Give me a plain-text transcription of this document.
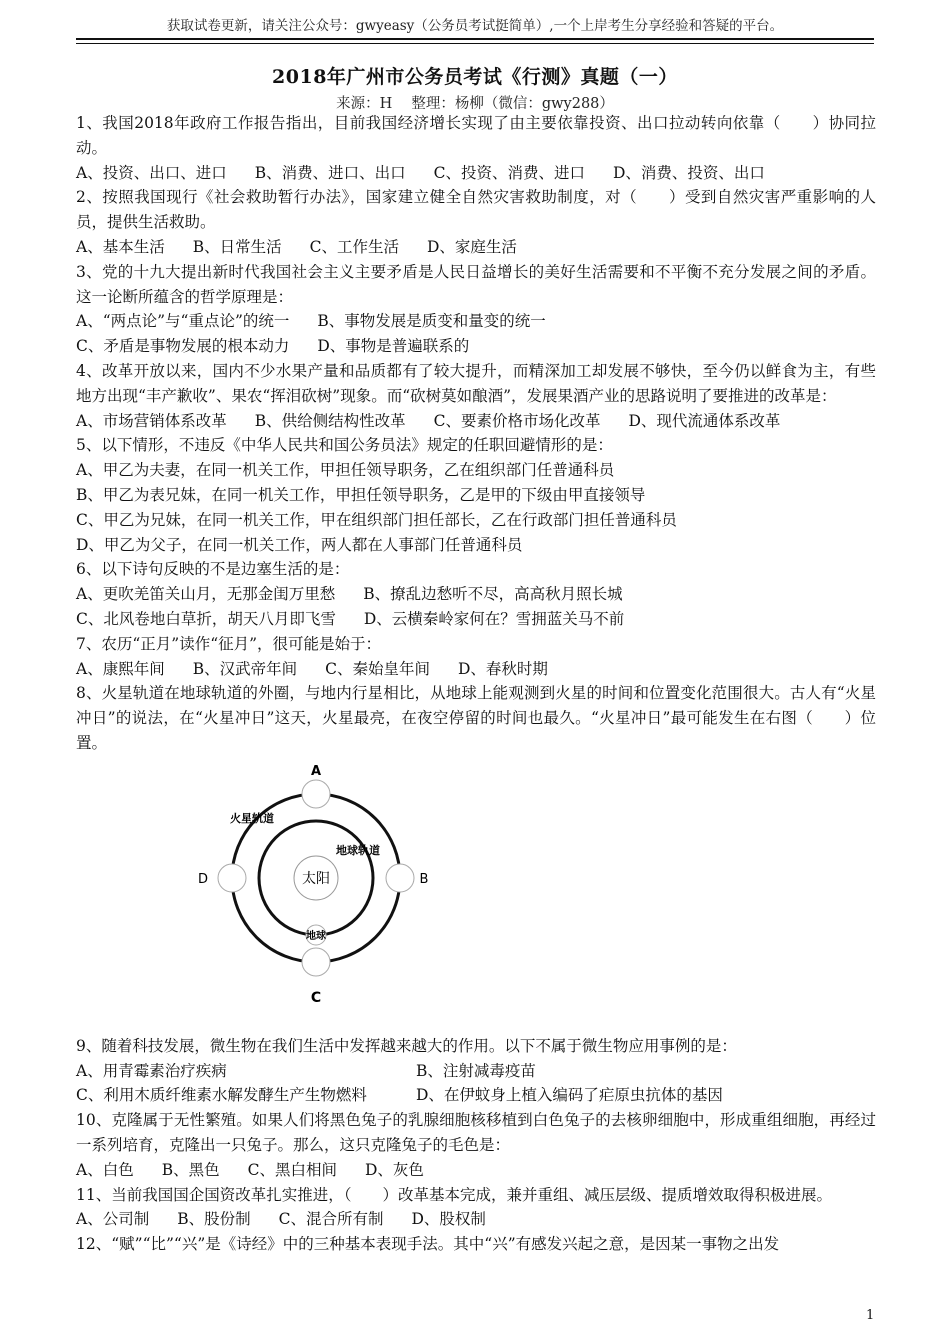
获取试卷更新，请关注公众号：gwyeasy（公务员考试挺简单）,一个上岸考生分享经验和答疑的平台。
2018年广州市公务员考试《行测》真题（一）
来源：H　 整理：杨柳（微信：gwy288）
1、我国2018年政府工作报告指出，目前我国经济增长实现了由主要依靠投资、出口拉动转向依靠（　　）协同拉动。
A、投资、出口、进口 B、消费、进口、出口 C、投资、消费、进口 D、消费、投资、出口
2、按照我国现行《社会救助暂行办法》，国家建立健全自然灾害救助制度，对（　　）受到自然灾害严重影响的人员，提供生活救助。
A、基本生活 B、日常生活 C、工作生活 D、家庭生活
3、党的十九大提出新时代我国社会主义主要矛盾是人民日益增长的美好生活需要和不平衡不充分发展之间的矛盾。这一论断所蕴含的哲学原理是：
A、“两点论”与“重点论”的统一 B、事物发展是质变和量变的统一
C、矛盾是事物发展的根本动力 D、事物是普遍联系的
4、改革开放以来，国内不少水果产量和品质都有了较大提升，而精深加工却发展不够快，至今仍以鲜食为主，有些地方出现“丰产歉收”、果农“挥泪砍树”现象。而“砍树莫如酿酒”，发展果酒产业的思路说明了要推进的改革是：
A、市场营销体系改革 B、供给侧结构性改革 C、要素价格市场化改革 D、现代流通体系改革
5、以下情形，不违反《中华人民共和国公务员法》规定的任职回避情形的是：
A、甲乙为夫妻，在同一机关工作，甲担任领导职务，乙在组织部门任普通科员
B、甲乙为表兄妹，在同一机关工作，甲担任领导职务，乙是甲的下级由甲直接领导
C、甲乙为兄妹，在同一机关工作，甲在组织部门担任部长，乙在行政部门担任普通科员
D、甲乙为父子，在同一机关工作，两人都在人事部门任普通科员
6、以下诗句反映的不是边塞生活的是：
A、更吹羌笛关山月，无那金闺万里愁 B、撩乱边愁听不尽，高高秋月照长城
C、北风卷地白草折，胡天八月即飞雪 D、云横秦岭家何在？雪拥蓝关马不前
7、农历“正月”读作“征月”，很可能是始于：
A、康熙年间 B、汉武帝年间 C、秦始皇年间 D、春秋时期
8、火星轨道在地球轨道的外圈，与地内行星相比，从地球上能观测到火星的时间和位置变化范围很大。古人有“火星冲日”的说法，在“火星冲日”这天，火星最亮，在夜空停留的时间也最久。“火星冲日”最可能发生在右图（　　）位置。
太阳
地球
火星轨道
地球轨道
A
B
C
D
9、随着科技发展，微生物在我们生活中发挥越来越大的作用。以下不属于微生物应用事例的是：
A、用青霉素治疗疾病	B、注射减毒疫苗
C、利用木质纤维素水解发酵生产生物燃料	D、在伊蚊身上植入编码了疟原虫抗体的基因
10、克隆属于无性繁殖。如果人们将黑色兔子的乳腺细胞核移植到白色兔子的去核卵细胞中，形成重组细胞，再经过一系列培育，克隆出一只兔子。那么，这只克隆兔子的毛色是：
A、白色 B、黑色 C、黑白相间 D、灰色
11、当前我国国企国资改革扎实推进，（　　）改革基本完成，兼并重组、减压层级、提质增效取得积极进展。
A、公司制 B、股份制 C、混合所有制 D、股权制
12、“赋”“比”“兴”是《诗经》中的三种基本表现手法。其中“兴”有感发兴起之意，是因某一事物之出发
1
